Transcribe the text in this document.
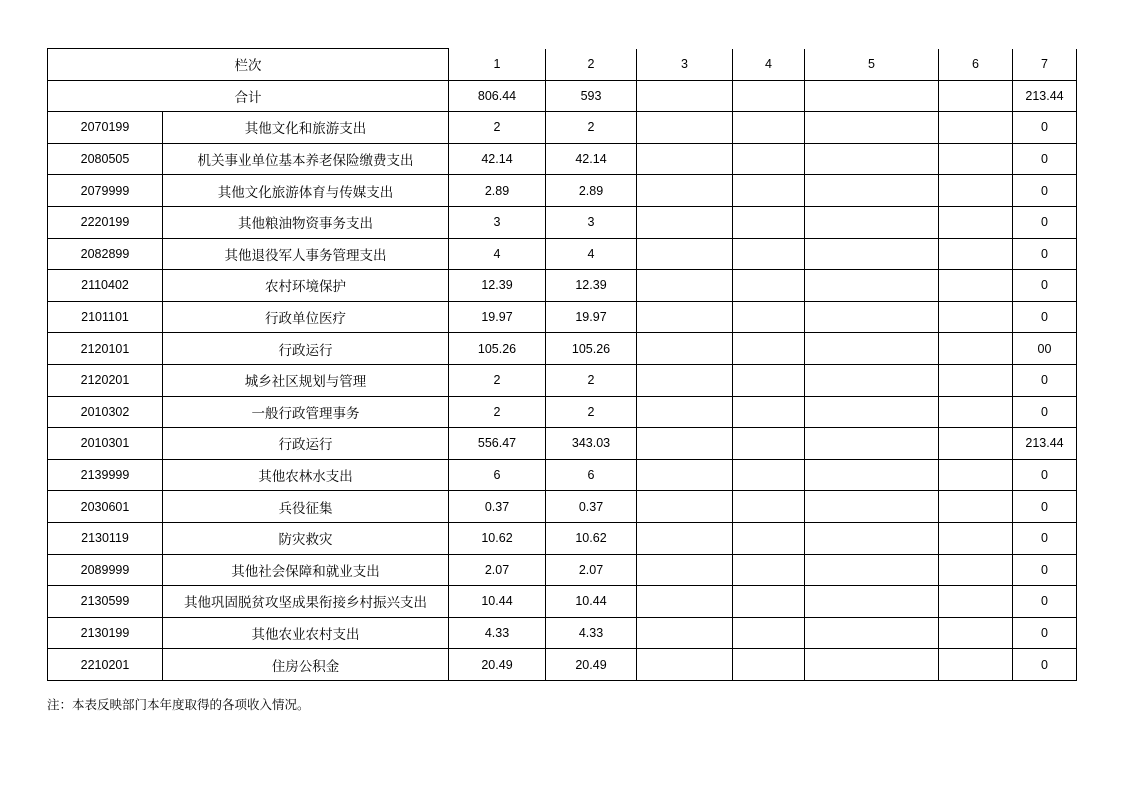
栏次		1	2	3	4	5	6	7
合计		806.44	593					213.44
2070199	其他文化和旅游支出	2	2					0
2080505	机关事业单位基本养老保险缴费支出	42.14	42.14					0
2079999	其他文化旅游体育与传媒支出	2.89	2.89					0
2220199	其他粮油物资事务支出	3	3					0
2082899	其他退役军人事务管理支出	4	4					0
2110402	农村环境保护	12.39	12.39					0
2101101	行政单位医疗	19.97	19.97					0
2120101	行政运行	105.26	105.26					00
2120201	城乡社区规划与管理	2	2					0
2010302	一般行政管理事务	2	2					0
2010301	行政运行	556.47	343.03					213.44
2139999	其他农林水支出	6	6					0
2030601	兵役征集	0.37	0.37					0
2130119	防灾救灾	10.62	10.62					0
2089999	其他社会保障和就业支出	2.07	2.07					0
2130599	其他巩固脱贫攻坚成果衔接乡村振兴支出	10.44	10.44					0
2130199	其他农业农村支出	4.33	4.33					0
2210201	住房公积金	20.49	20.49					0
注：本表反映部门本年度取得的各项收入情况。
